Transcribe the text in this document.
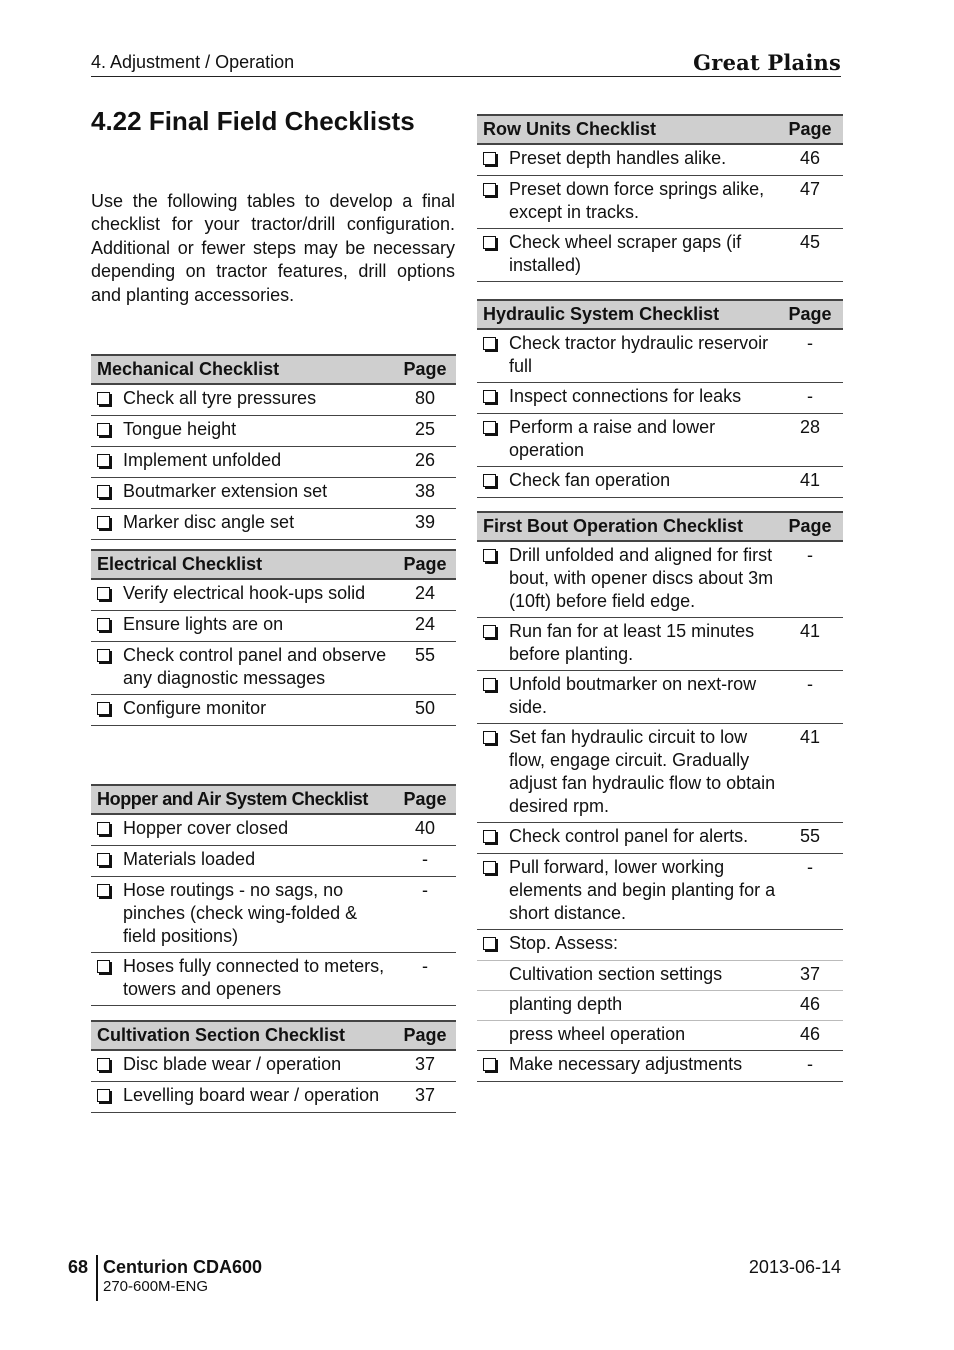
4. Adjustment / Operation	Great Plains
4.22 Final Field Checklists

Use the following tables to develop a final checklist for your tractor/drill configuration. Additional or fewer steps may be necessary depending on tractor features, drill options and planting accessories.

Mechanical Checklist		Page
	Check all tyre pressures	80
	Tongue height	25
	Implement unfolded	26
	Boutmarker extension set	38
	Marker disc angle set	39
Electrical Checklist		Page
	Verify electrical hook-ups solid	24
	Ensure lights are on	24
	Check control panel and observe any diagnostic messages	55
	Configure monitor	50
Hopper and Air System Checklist		Page
	Hopper cover closed	40
	Materials loaded	-
	Hose routings - no sags, no pinches (check wing-folded & field positions)	-
	Hoses fully connected to meters, towers and openers	-
Cultivation Section Checklist		Page
	Disc blade wear / operation	37
	Levelling board wear / operation	37
Row Units Checklist		Page
	Preset depth handles alike.	46
	Preset down force springs alike, except in tracks.	47
	Check wheel scraper gaps (if installed)	45
Hydraulic System Checklist		Page
	Check tractor hydraulic reservoir full	-
	Inspect connections for leaks	-
	Perform a raise and lower operation	28
	Check fan operation	41
First Bout Operation Checklist		Page
	Drill unfolded and aligned for first bout, with opener discs about 3m (10ft) before field edge.	-
	Run fan for at least 15 minutes before planting.	41
	Unfold boutmarker on next-row side.	-
	Set fan hydraulic circuit to low flow, engage circuit. Gradually adjust fan hydraulic flow to obtain desired rpm.	41
	Check control panel for alerts.	55
	Pull forward, lower working elements and begin planting for a short distance.	-
	Stop. Assess:	
	Cultivation section settings	37
	planting depth	46
	press wheel operation	46
	Make necessary adjustments	-
68 Centurion CDA600
270-600M-ENG
2013-06-14
